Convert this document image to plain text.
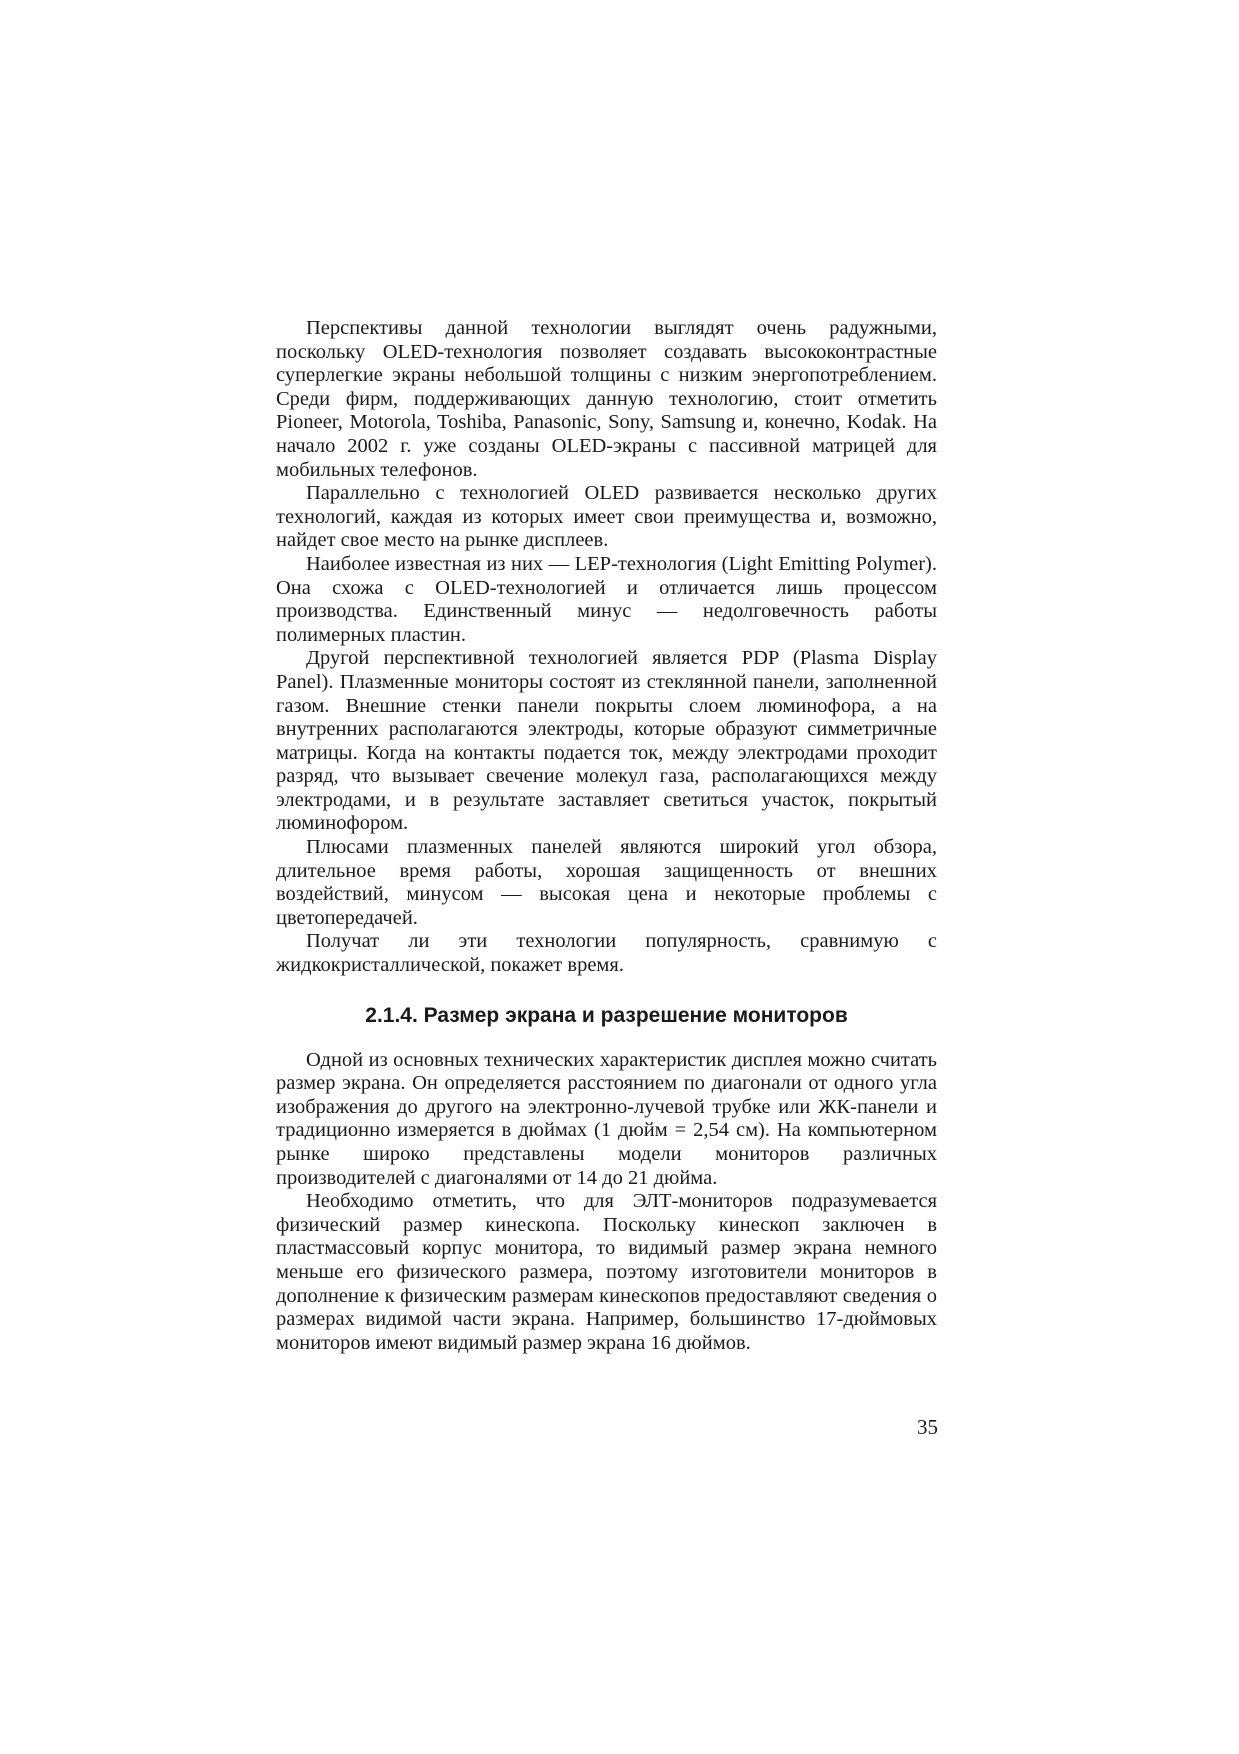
Перспективы данной технологии выглядят очень радужными, поскольку OLED-технология позволяет создавать высококонтрастные суперлегкие экраны небольшой толщины с низким энергопотреблением. Среди фирм, поддерживающих данную технологию, стоит отметить Pioneer, Motorola, Toshiba, Panasonic, Sony, Samsung и, конечно, Kodak. На начало 2002 г. уже созданы OLED-экраны с пассивной матрицей для мобильных телефонов.

Параллельно с технологией OLED развивается несколько других технологий, каждая из которых имеет свои преимущества и, возможно, найдет свое место на рынке дисплеев.

Наиболее известная из них — LEP-технология (Light Emitting Polymer). Она схожа с OLED-технологией и отличается лишь процессом производства. Единственный минус — недолговечность работы полимерных пластин.

Другой перспективной технологией является PDP (Plasma Display Panel). Плазменные мониторы состоят из стеклянной панели, заполненной газом. Внешние стенки панели покрыты слоем люминофора, а на внутренних располагаются электроды, которые образуют симметричные матрицы. Когда на контакты подается ток, между электродами проходит разряд, что вызывает свечение молекул газа, располагающихся между электродами, и в результате заставляет светиться участок, покрытый люминофором.

Плюсами плазменных панелей являются широкий угол обзора, длительное время работы, хорошая защищенность от внешних воздействий, минусом — высокая цена и некоторые проблемы с цветопередачей.

Получат ли эти технологии популярность, сравнимую с жидкокристаллической, покажет время.

2.1.4. Размер экрана и разрешение мониторов

Одной из основных технических характеристик дисплея можно считать размер экрана. Он определяется расстоянием по диагонали от одного угла изображения до другого на электронно-лучевой трубке или ЖК-панели и традиционно измеряется в дюймах (1 дюйм = 2,54 см). На компьютерном рынке широко представлены модели мониторов различных производителей с диагоналями от 14 до 21 дюйма.

Необходимо отметить, что для ЭЛТ-мониторов подразумевается физический размер кинескопа. Поскольку кинескоп заключен в пластмассовый корпус монитора, то видимый размер экрана немного меньше его физического размера, поэтому изготовители мониторов в дополнение к физическим размерам кинескопов предоставляют сведения о размерах видимой части экрана. Например, большинство 17-дюймовых мониторов имеют видимый размер экрана 16 дюймов.

35
